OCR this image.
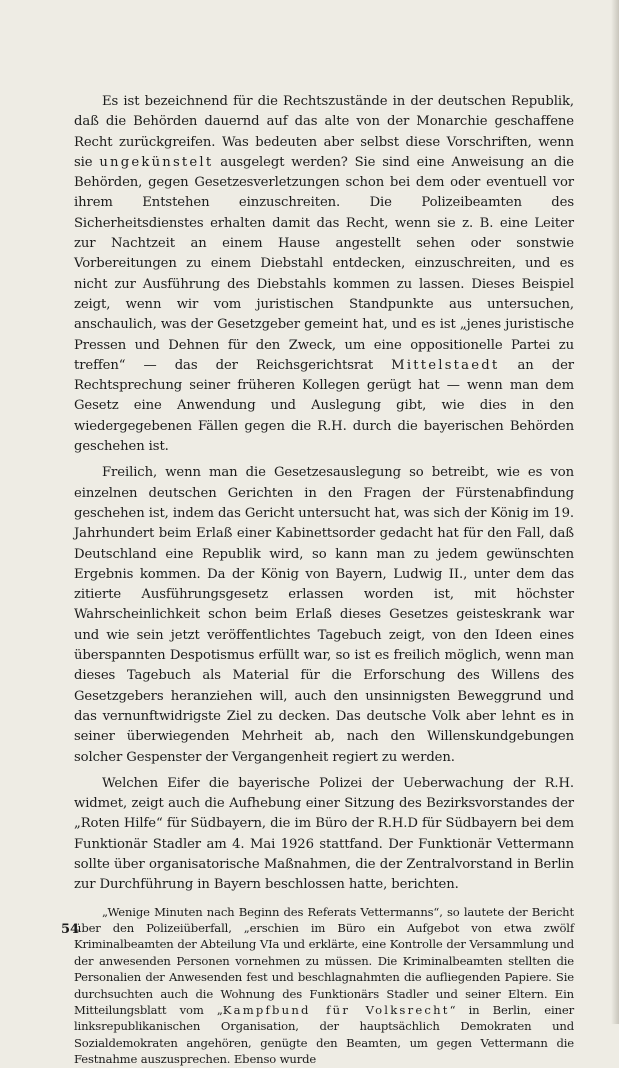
Es ist bezeichnend für die Rechtszustände in der deutschen Republik, daß die Behörden dauernd auf das alte von der Monarchie geschaffene Recht zurückgreifen. Was bedeuten aber selbst diese Vorschriften, wenn sie ungekünstelt ausgelegt werden? Sie sind eine Anweisung an die Behörden, gegen Gesetzesverletzungen schon bei dem oder eventuell vor ihrem Entstehen einzuschreiten. Die Polizeibeamten des Sicherheitsdienstes erhalten damit das Recht, wenn sie z. B. eine Leiter zur Nachtzeit an einem Hause angestellt sehen oder sonstwie Vorbereitungen zu einem Diebstahl entdecken, einzuschreiten, und es nicht zur Ausführung des Diebstahls kommen zu lassen. Dieses Beispiel zeigt, wenn wir vom juristischen Standpunkte aus untersuchen, anschaulich, was der Gesetzgeber gemeint hat, und es ist „jenes juristische Pressen und Dehnen für den Zweck, um eine oppositionelle Partei zu treffen“ — das der Reichsgerichtsrat Mittelstaedt an der Rechtsprechung seiner früheren Kollegen gerügt hat — wenn man dem Gesetz eine Anwendung und Auslegung gibt, wie dies in den wiedergegebenen Fällen gegen die R.H. durch die bayerischen Behörden geschehen ist.

Freilich, wenn man die Gesetzesauslegung so betreibt, wie es von einzelnen deutschen Gerichten in den Fragen der Fürstenabfindung geschehen ist, indem das Gericht untersucht hat, was sich der König im 19. Jahrhundert beim Erlaß einer Kabinettsorder gedacht hat für den Fall, daß Deutschland eine Republik wird, so kann man zu jedem gewünschten Ergebnis kommen. Da der König von Bayern, Ludwig II., unter dem das zitierte Ausführungsgesetz erlassen worden ist, mit höchster Wahrscheinlichkeit schon beim Erlaß dieses Gesetzes geisteskrank war und wie sein jetzt veröffentlichtes Tagebuch zeigt, von den Ideen eines überspannten Despotismus erfüllt war, so ist es freilich möglich, wenn man dieses Tagebuch als Material für die Erforschung des Willens des Gesetzgebers heranziehen will, auch den unsinnigsten Beweggrund und das vernunftwidrigste Ziel zu decken. Das deutsche Volk aber lehnt es in seiner überwiegenden Mehrheit ab, nach den Willenskundgebungen solcher Gespenster der Vergangenheit regiert zu werden.

Welchen Eifer die bayerische Polizei der Ueberwachung der R.H. widmet, zeigt auch die Aufhebung einer Sitzung des Bezirksvorstandes der „Roten Hilfe“ für Südbayern, die im Büro der R.H.D für Südbayern bei dem Funktionär Stadler am 4. Mai 1926 stattfand. Der Funktionär Vettermann sollte über organisatorische Maßnahmen, die der Zentralvorstand in Berlin zur Durchführung in Bayern beschlossen hatte, berichten.

„Wenige Minuten nach Beginn des Referats Vettermanns“, so lautete der Bericht über den Polizeiüberfall, „erschien im Büro ein Aufgebot von etwa zwölf Kriminalbeamten der Abteilung VIa und erklärte, eine Kontrolle der Versammlung und der anwesenden Personen vornehmen zu müssen. Die Kriminalbeamten stellten die Personalien der Anwesenden fest und beschlagnahmten die aufliegenden Papiere. Sie durchsuchten auch die Wohnung des Funktionärs Stadler und seiner Eltern. Ein Mitteilungsblatt vom „Kampfbund für Volksrecht“ in Berlin, einer linksrepublikanischen Organisation, der hauptsächlich Demokraten und Sozialdemokraten angehören, genügte den Beamten, um gegen Vettermann die Festnahme auszusprechen. Ebenso wurde

54
